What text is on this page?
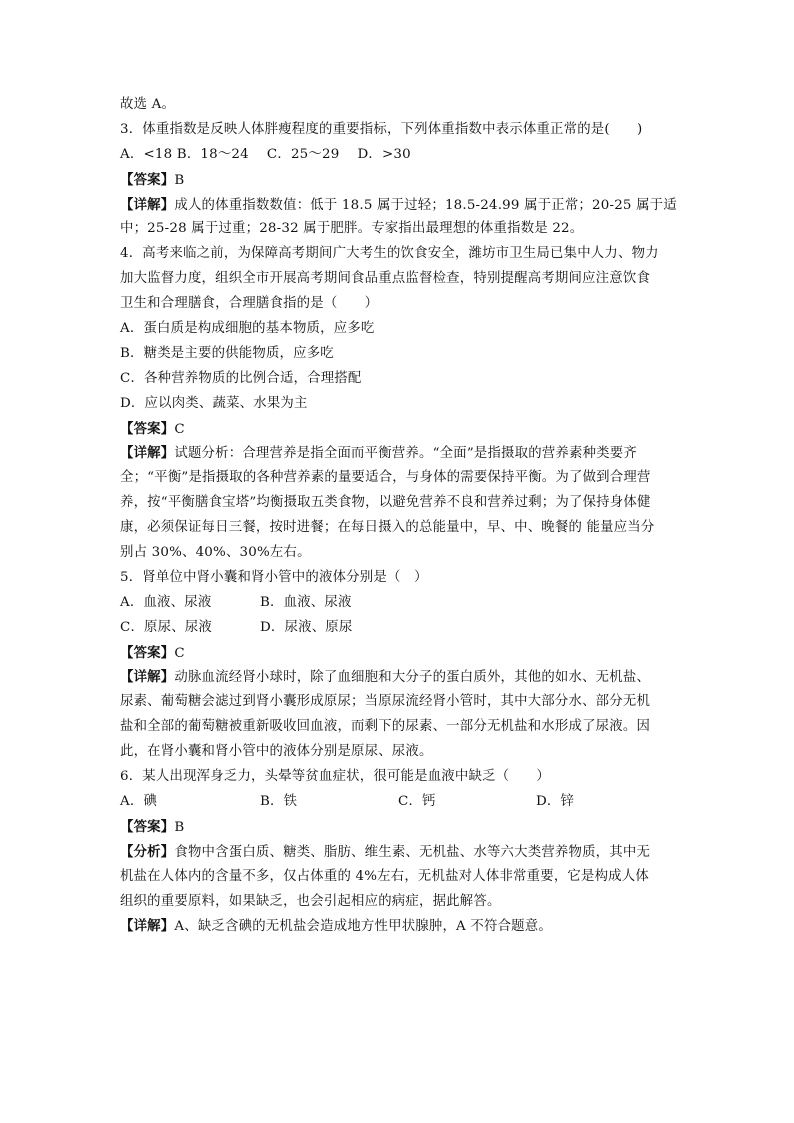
故选 A。
3．体重指数是反映人体胖瘦程度的重要指标，下列体重指数中表示体重正常的是(　　)
A．<18 B．18～24　 C．25～29　 D．>30
【答案】B
【详解】成人的体重指数数值：低于 18.5 属于过轻；18.5-24.99 属于正常；20-25 属于适
中；25-28 属于过重；28-32 属于肥胖。专家指出最理想的体重指数是 22。
4．高考来临之前，为保障高考期间广大考生的饮食安全，潍坊市卫生局已集中人力、物力
加大监督力度，组织全市开展高考期间食品重点监督检查，特别提醒高考期间应注意饮食
卫生和合理膳食，合理膳食指的是（　　）
A．蛋白质是构成细胞的基本物质，应多吃
B．糖类是主要的供能物质，应多吃
C．各种营养物质的比例合适，合理搭配
D．应以肉类、蔬菜、水果为主
【答案】C
【详解】试题分析：合理营养是指全面而平衡营养。“全面”是指摄取的营养素种类要齐
全；“平衡”是指摄取的各种营养素的量要适合，与身体的需要保持平衡。为了做到合理营
养，按“平衡膳食宝塔”均衡摄取五类食物，以避免营养不良和营养过剩；为了保持身体健
康，必须保证每日三餐，按时进餐；在每日摄入的总能量中，早、中、晚餐的 能量应当分
别占 30%、40%、30%左右。
5．肾单位中肾小囊和肾小管中的液体分别是（　）
A．血液、尿液	B．血液、尿液
C．原尿、尿液	D．尿液、原尿
【答案】C
【详解】动脉血流经肾小球时，除了血细胞和大分子的蛋白质外，其他的如水、无机盐、
尿素、葡萄糖会滤过到肾小囊形成原尿；当原尿流经肾小管时，其中大部分水、部分无机
盐和全部的葡萄糖被重新吸收回血液，而剩下的尿素、一部分无机盐和水形成了尿液。因
此，在肾小囊和肾小管中的液体分别是原尿、尿液。
6．某人出现浑身乏力，头晕等贫血症状，很可能是血液中缺乏（　　）
A．碘	B．铁	C．钙	D．锌
【答案】B
【分析】食物中含蛋白质、糖类、脂肪、维生素、无机盐、水等六大类营养物质，其中无
机盐在人体内的含量不多，仅占体重的 4%左右，无机盐对人体非常重要，它是构成人体
组织的重要原料，如果缺乏，也会引起相应的病症，据此解答。
【详解】A、缺乏含碘的无机盐会造成地方性甲状腺肿，A 不符合题意。
